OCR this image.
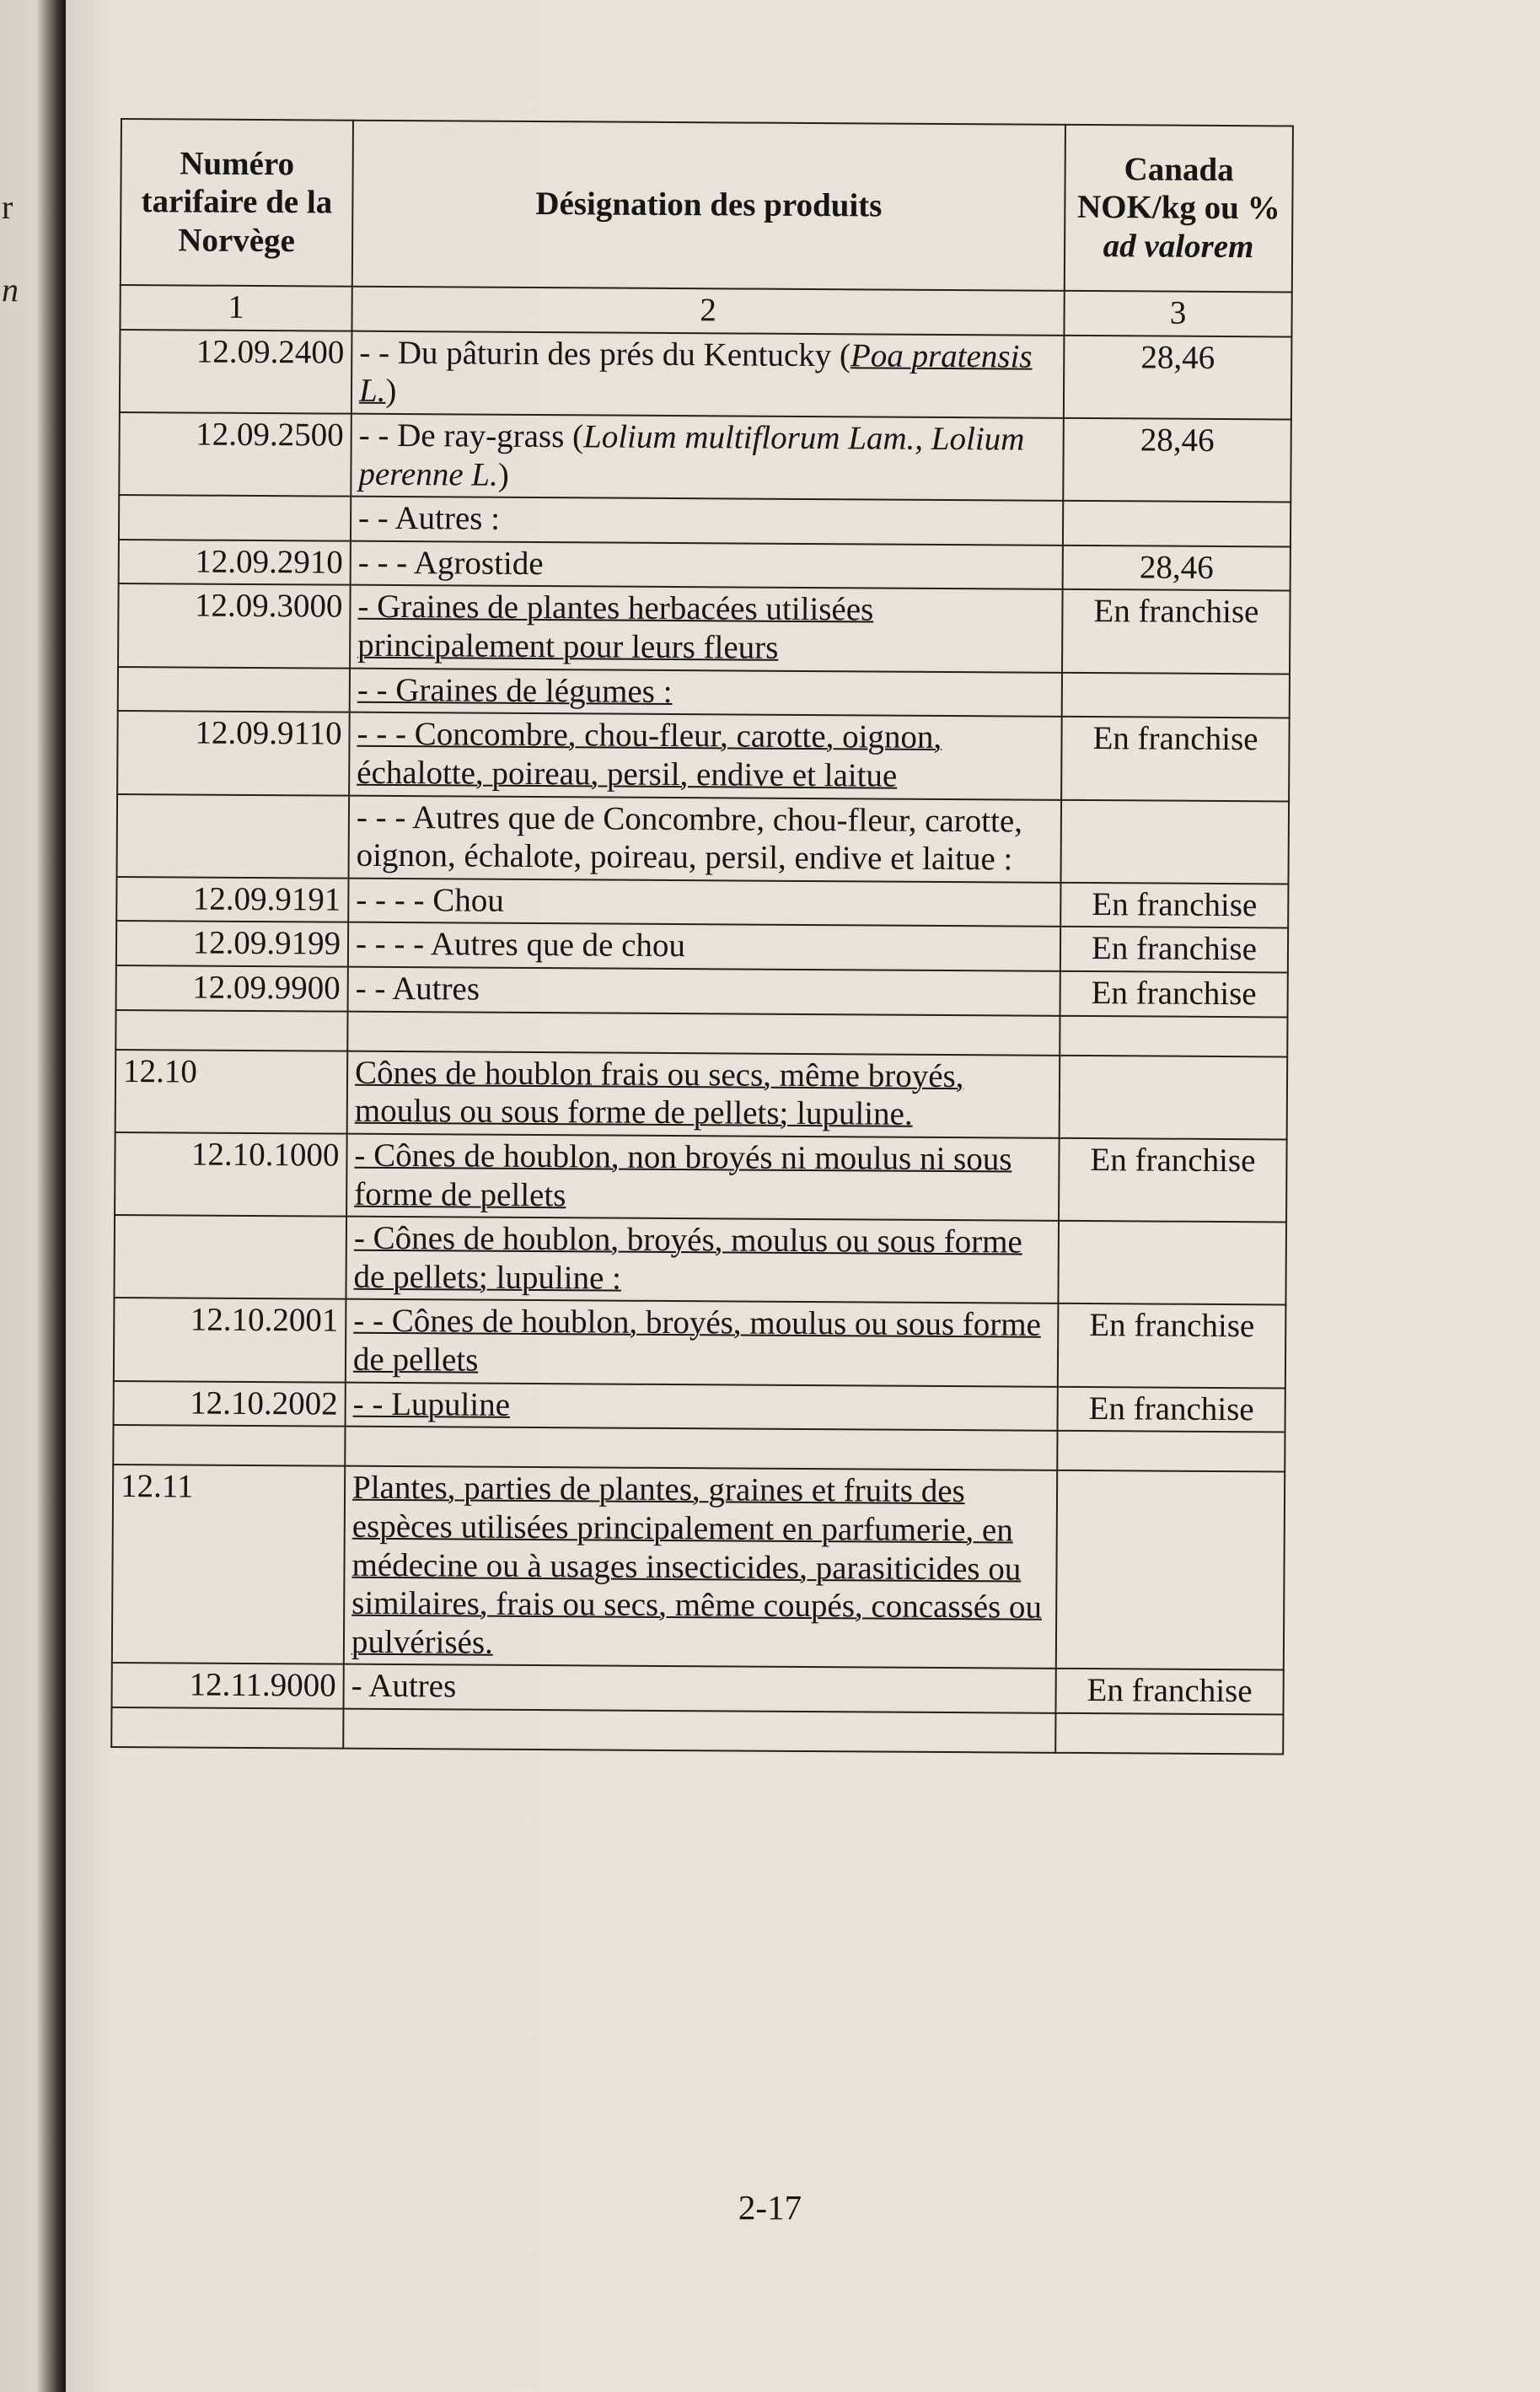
r
n
Numéro tarifaire de la Norvège	Désignation des produits	Canada NOK/kg ou %
ad valorem
1	2	3
12.09.2400	- - Du pâturin des prés du Kentucky (Poa pratensis L.)	28,46
12.09.2500	- - De ray-grass (Lolium multiflorum Lam., Lolium perenne L.)	28,46
	- - Autres :	
12.09.2910	- - - Agrostide	28,46
12.09.3000	- Graines de plantes herbacées utilisées principalement pour leurs fleurs	En franchise
	- - Graines de légumes :	
12.09.9110	- - - Concombre, chou-fleur, carotte, oignon, échalotte, poireau, persil, endive et laitue	En franchise
	- - - Autres que de Concombre, chou-fleur, carotte, oignon, échalote, poireau, persil, endive et laitue :	
12.09.9191	- - - - Chou	En franchise
12.09.9199	- - - - Autres que de chou	En franchise
12.09.9900	- - Autres	En franchise

12.10	Cônes de houblon frais ou secs, même broyés, moulus ou sous forme de pellets; lupuline.	
12.10.1000	- Cônes de houblon, non broyés ni moulus ni sous forme de pellets	En franchise
	- Cônes de houblon, broyés, moulus ou sous forme de pellets; lupuline :	
12.10.2001	- - Cônes de houblon, broyés, moulus ou sous forme de pellets	En franchise
12.10.2002	- - Lupuline	En franchise

12.11	Plantes, parties de plantes, graines et fruits des espèces utilisées principalement en parfumerie, en médecine ou à usages insecticides, parasiticides ou similaires, frais ou secs, même coupés, concassés ou pulvérisés.	
12.11.9000	- Autres	En franchise

2-17
